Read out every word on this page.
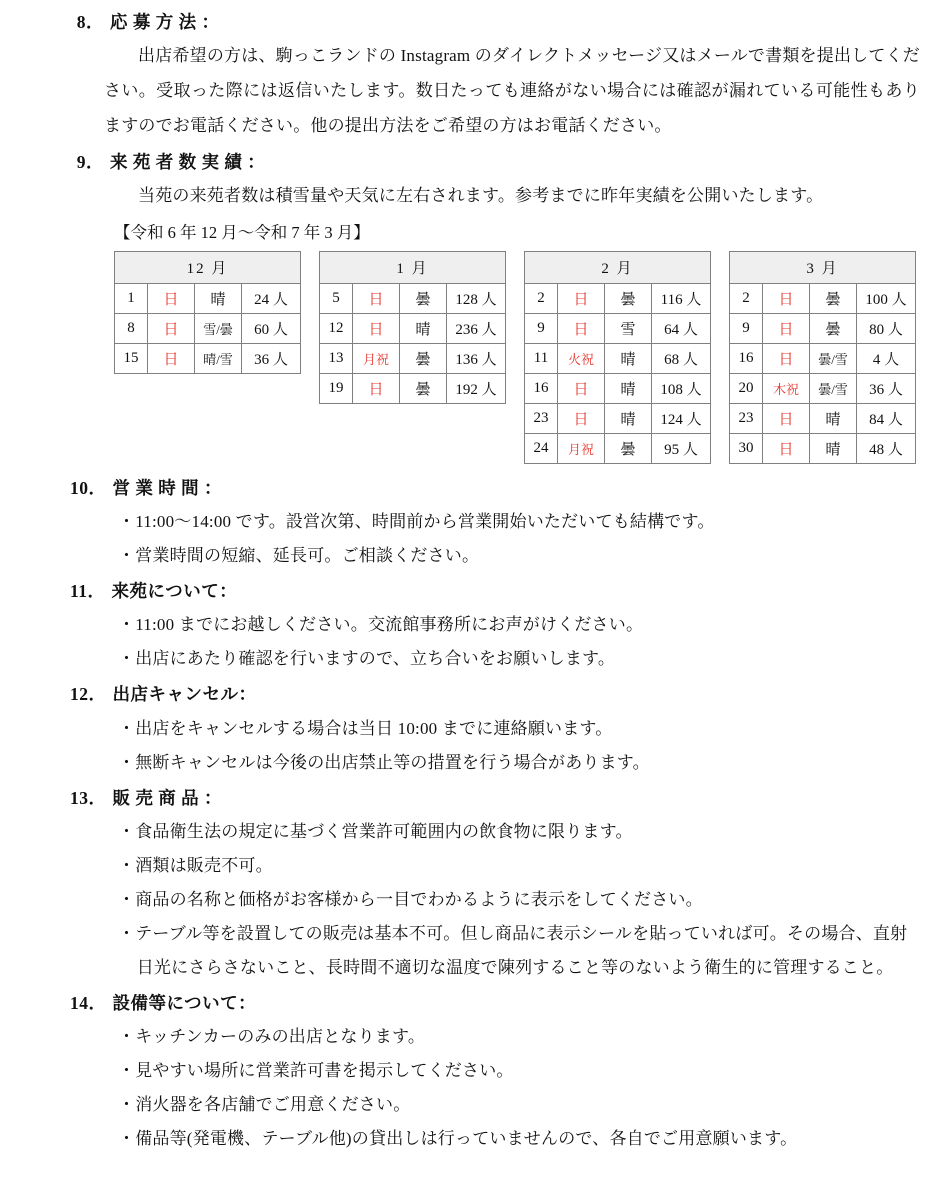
8． 応 募 方 法 ：

出店希望の方は、駒っこランドの Instagram のダイレクトメッセージ又はメールで書類を提出してください。受取った際には返信いたします。数日たっても連絡がない場合には確認が漏れている可能性もありますのでお電話ください。他の提出方法をご希望の方はお電話ください。

9． 来 苑 者 数 実 績 ：

当苑の来苑者数は積雪量や天気に左右されます。参考までに昨年実績を公開いたします。

【令和 6 年 12 月～令和 7 年 3 月】
12 月			
1	日	晴	24 人
8	日	雪/曇	60 人
15	日	晴/雪	36 人
1 月			
5	日	曇	128 人
12	日	晴	236 人
13	月祝	曇	136 人
19	日	曇	192 人
2 月			
2	日	曇	116 人
9	日	雪	64 人
11	火祝	晴	68 人
16	日	晴	108 人
23	日	晴	124 人
24	月祝	曇	95 人
3 月			
2	日	曇	100 人
9	日	曇	80 人
16	日	曇/雪	4 人
20	木祝	曇/雪	36 人
23	日	晴	84 人
30	日	晴	48 人
10． 営 業 時 間 ：
・11:00～14:00 です。設営次第、時間前から営業開始いただいても結構です。
・営業時間の短縮、延長可。ご相談ください。
11． 来苑について：
・11:00 までにお越しください。交流館事務所にお声がけください。
・出店にあたり確認を行いますので、立ち合いをお願いします。
12． 出店キャンセル：
・出店をキャンセルする場合は当日 10:00 までに連絡願います。
・無断キャンセルは今後の出店禁止等の措置を行う場合があります。
13． 販 売 商 品 ：
・食品衛生法の規定に基づく営業許可範囲内の飲食物に限ります。
・酒類は販売不可。
・商品の名称と価格がお客様から一目でわかるように表示をしてください。
・テーブル等を設置しての販売は基本不可。但し商品に表示シールを貼っていれば可。その場合、直射日光にさらさないこと、長時間不適切な温度で陳列すること等のないよう衛生的に管理すること。
14． 設備等について：
・キッチンカーのみの出店となります。
・見やすい場所に営業許可書を掲示してください。
・消火器を各店舗でご用意ください。
・備品等(発電機、テーブル他)の貸出しは行っていませんので、各自でご用意願います。
